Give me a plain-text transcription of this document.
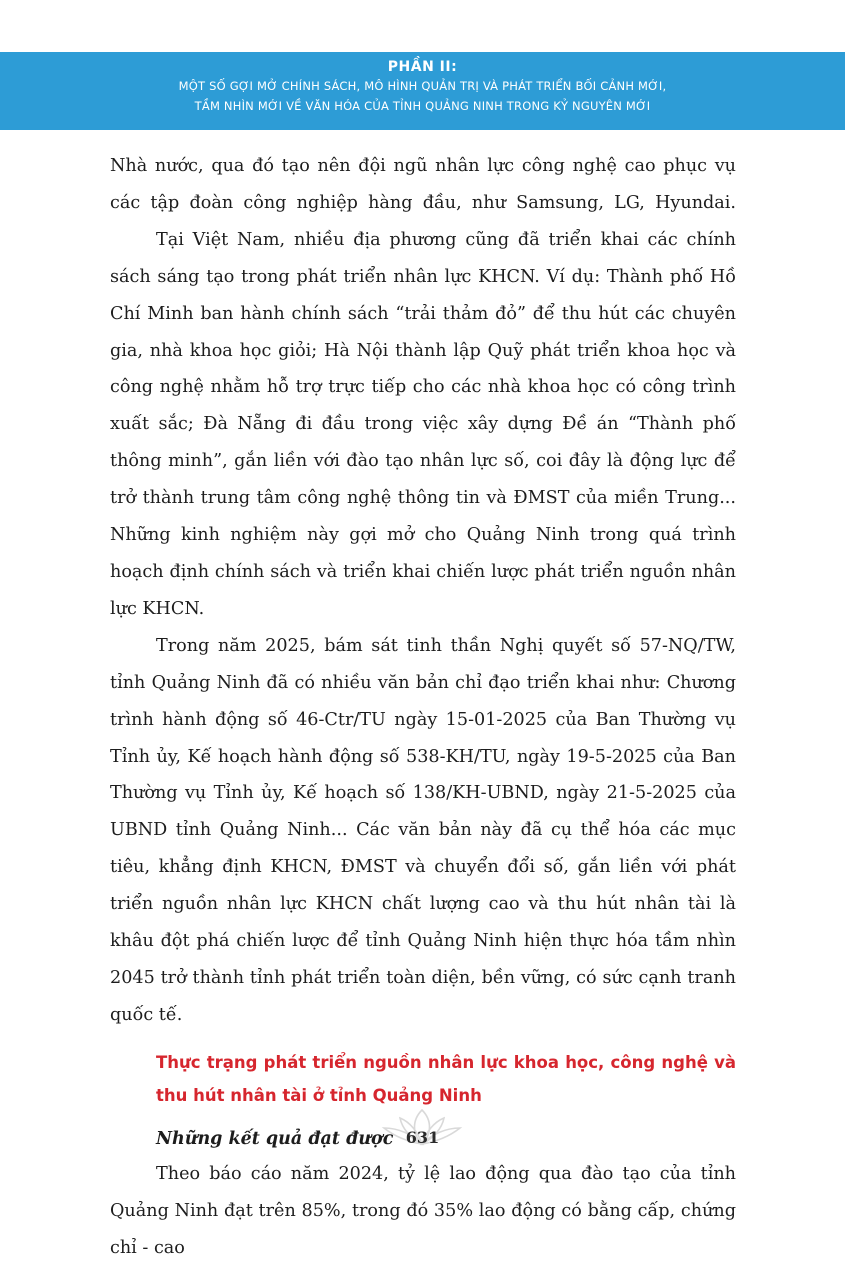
PHẦN II:
MỘT SỐ GỢI MỞ CHÍNH SÁCH, MÔ HÌNH QUẢN TRỊ VÀ PHÁT TRIỂN BỐI CẢNH MỚI,
TẦM NHÌN MỚI VỀ VĂN HÓA CỦA TỈNH QUẢNG NINH TRONG KỶ NGUYÊN MỚI

Nhà nước, qua đó tạo nên đội ngũ nhân lực công nghệ cao phục vụ các tập đoàn công nghiệp hàng đầu, như Samsung, LG, Hyundai.

Tại Việt Nam, nhiều địa phương cũng đã triển khai các chính sách sáng tạo trong phát triển nhân lực KHCN. Ví dụ: Thành phố Hồ Chí Minh ban hành chính sách “trải thảm đỏ” để thu hút các chuyên gia, nhà khoa học giỏi; Hà Nội thành lập Quỹ phát triển khoa học và công nghệ nhằm hỗ trợ trực tiếp cho các nhà khoa học có công trình xuất sắc; Đà Nẵng đi đầu trong việc xây dựng Đề án “Thành phố thông minh”, gắn liền với đào tạo nhân lực số, coi đây là động lực để trở thành trung tâm công nghệ thông tin và ĐMST của miền Trung... Những kinh nghiệm này gợi mở cho Quảng Ninh trong quá trình hoạch định chính sách và triển khai chiến lược phát triển nguồn nhân lực KHCN.

Trong năm 2025, bám sát tinh thần Nghị quyết số 57-NQ/TW, tỉnh Quảng Ninh đã có nhiều văn bản chỉ đạo triển khai như: Chương trình hành động số 46-Ctr/TU ngày 15-01-2025 của Ban Thường vụ Tỉnh ủy, Kế hoạch hành động số 538-KH/TU, ngày 19-5-2025 của Ban Thường vụ Tỉnh ủy, Kế hoạch số 138/KH-UBND, ngày 21-5-2025 của UBND tỉnh Quảng Ninh... Các văn bản này đã cụ thể hóa các mục tiêu, khẳng định KHCN, ĐMST và chuyển đổi số, gắn liền với phát triển nguồn nhân lực KHCN chất lượng cao và thu hút nhân tài là khâu đột phá chiến lược để tỉnh Quảng Ninh hiện thực hóa tầm nhìn 2045 trở thành tỉnh phát triển toàn diện, bền vững, có sức cạnh tranh quốc tế.

Thực trạng phát triển nguồn nhân lực khoa học, công nghệ và thu hút nhân tài ở tỉnh Quảng Ninh

Những kết quả đạt được

Theo báo cáo năm 2024, tỷ lệ lao động qua đào tạo của tỉnh Quảng Ninh đạt trên 85%, trong đó 35% lao động có bằng cấp, chứng chỉ - cao

631
